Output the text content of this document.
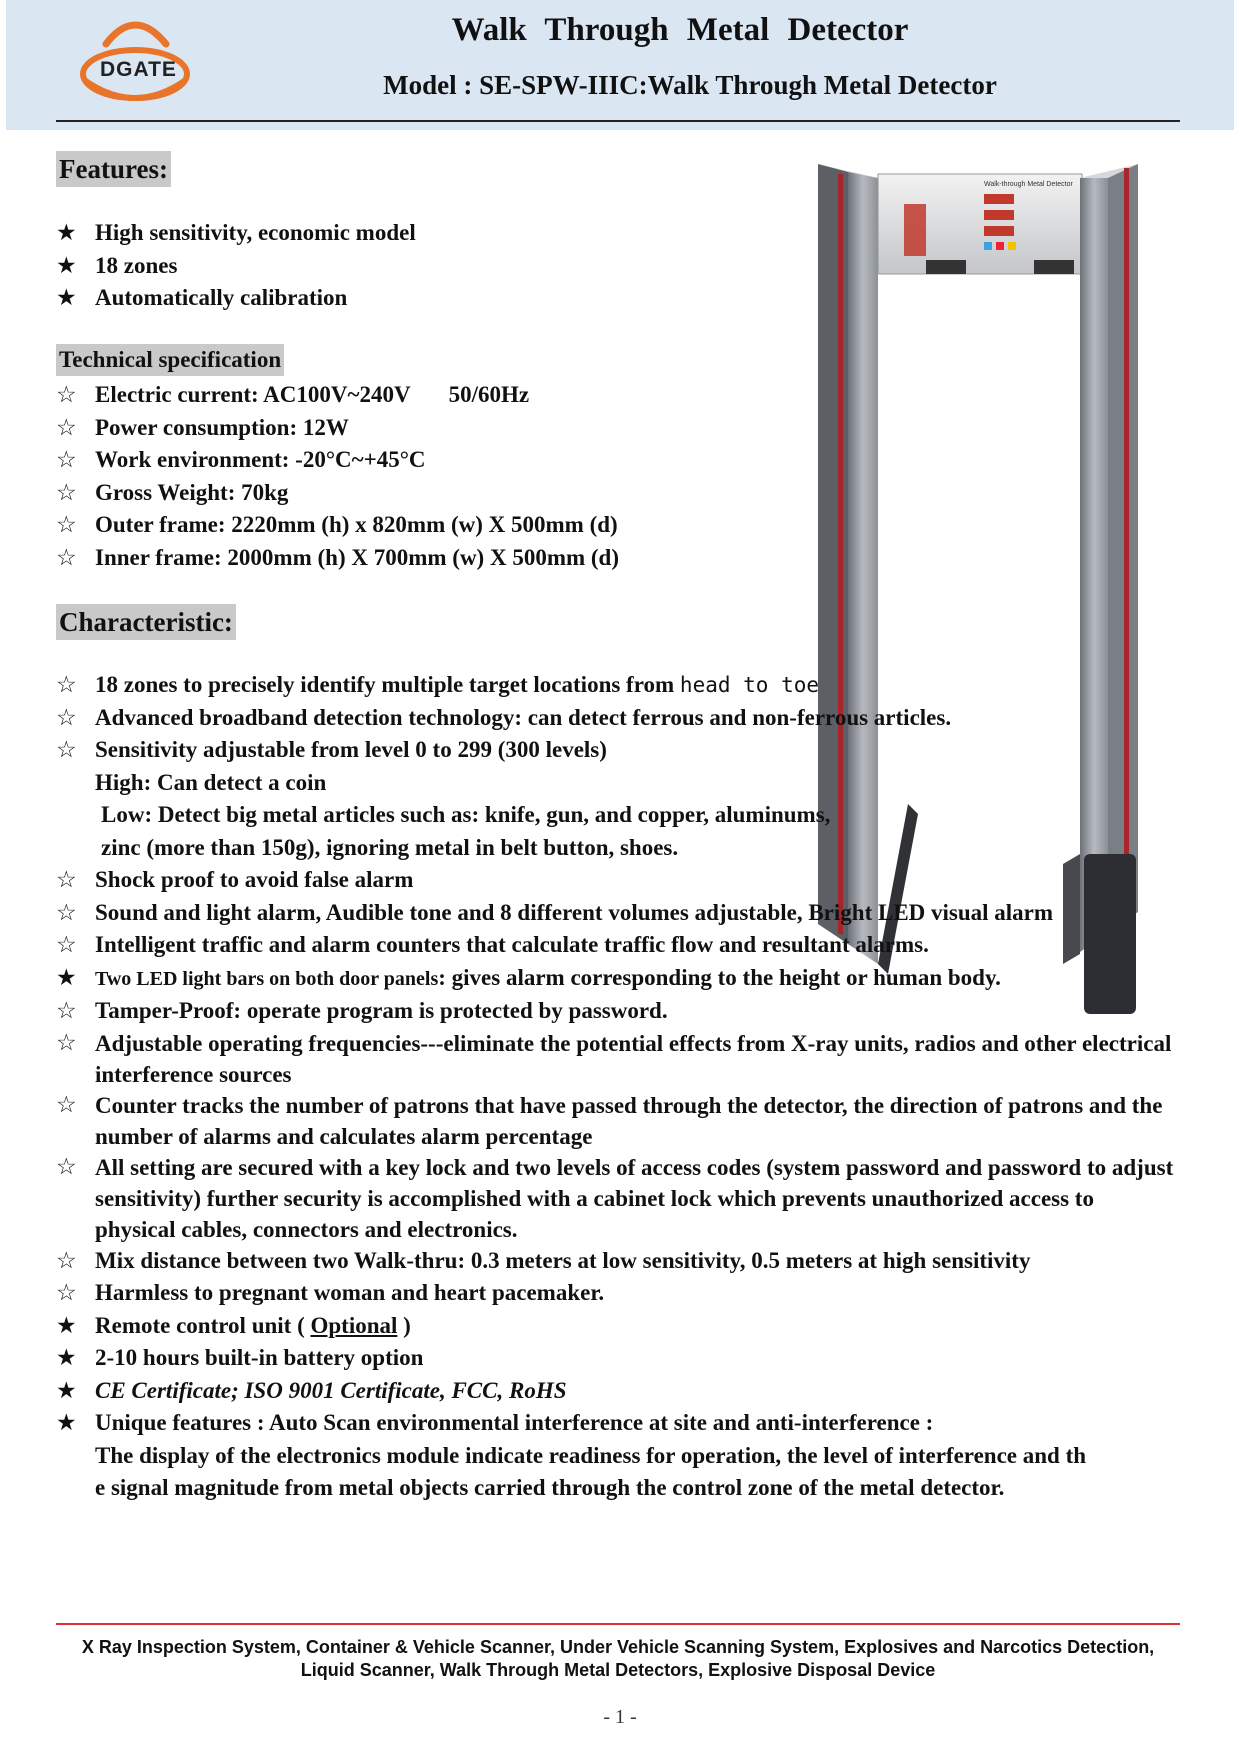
DGATE
Walk Through Metal Detector
Model : SE-SPW-IIIC:Walk Through Metal Detector
Walk-through Metal Detector
Features:
★ High sensitivity, economic model
★ 18 zones
★ Automatically calibration
Technical specification
☆ Electric current: AC100V~240V 50/60Hz
☆ Power consumption: 12W
☆ Work environment: -20°C~+45°C
☆ Gross Weight: 70kg
☆ Outer frame: 2220mm (h) x 820mm (w) X 500mm (d)
☆ Inner frame: 2000mm (h) X 700mm (w) X 500mm (d)
Characteristic:
☆ 18 zones to precisely identify multiple target locations from head to toe
☆ Advanced broadband detection technology: can detect ferrous and non-ferrous articles.
☆ Sensitivity adjustable from level 0 to 299 (300 levels)
High: Can detect a coin
Low: Detect big metal articles such as: knife, gun, and copper, aluminums,
zinc (more than 150g), ignoring metal in belt button, shoes.
☆ Shock proof to avoid false alarm
☆ Sound and light alarm, Audible tone and 8 different volumes adjustable, Bright LED visual alarm
☆ Intelligent traffic and alarm counters that calculate traffic flow and resultant alarms.
★ Two LED light bars on both door panels: gives alarm corresponding to the height or human body.
☆ Tamper-Proof: operate program is protected by password.
☆ Adjustable operating frequencies---eliminate the potential effects from X-ray units, radios and other electrical interference sources
☆ Counter tracks the number of patrons that have passed through the detector, the direction of patrons and the number of alarms and calculates alarm percentage
☆ All setting are secured with a key lock and two levels of access codes (system password and password to adjust sensitivity) further security is accomplished with a cabinet lock which prevents unauthorized access to physical cables, connectors and electronics.
☆ Mix distance between two Walk-thru: 0.3 meters at low sensitivity, 0.5 meters at high sensitivity
☆ Harmless to pregnant woman and heart pacemaker.
★ Remote control unit ( Optional )
★ 2-10 hours built-in battery option
★ CE Certificate; ISO 9001 Certificate, FCC, RoHS
★ Unique features : Auto Scan environmental interference at site and anti-interference :
The display of the electronics module indicate readiness for operation, the level of interference and th
e signal magnitude from metal objects carried through the control zone of the metal detector.
X Ray Inspection System, Container & Vehicle Scanner, Under Vehicle Scanning System, Explosives and Narcotics Detection,
Liquid Scanner, Walk Through Metal Detectors, Explosive Disposal Device
- 1 -
